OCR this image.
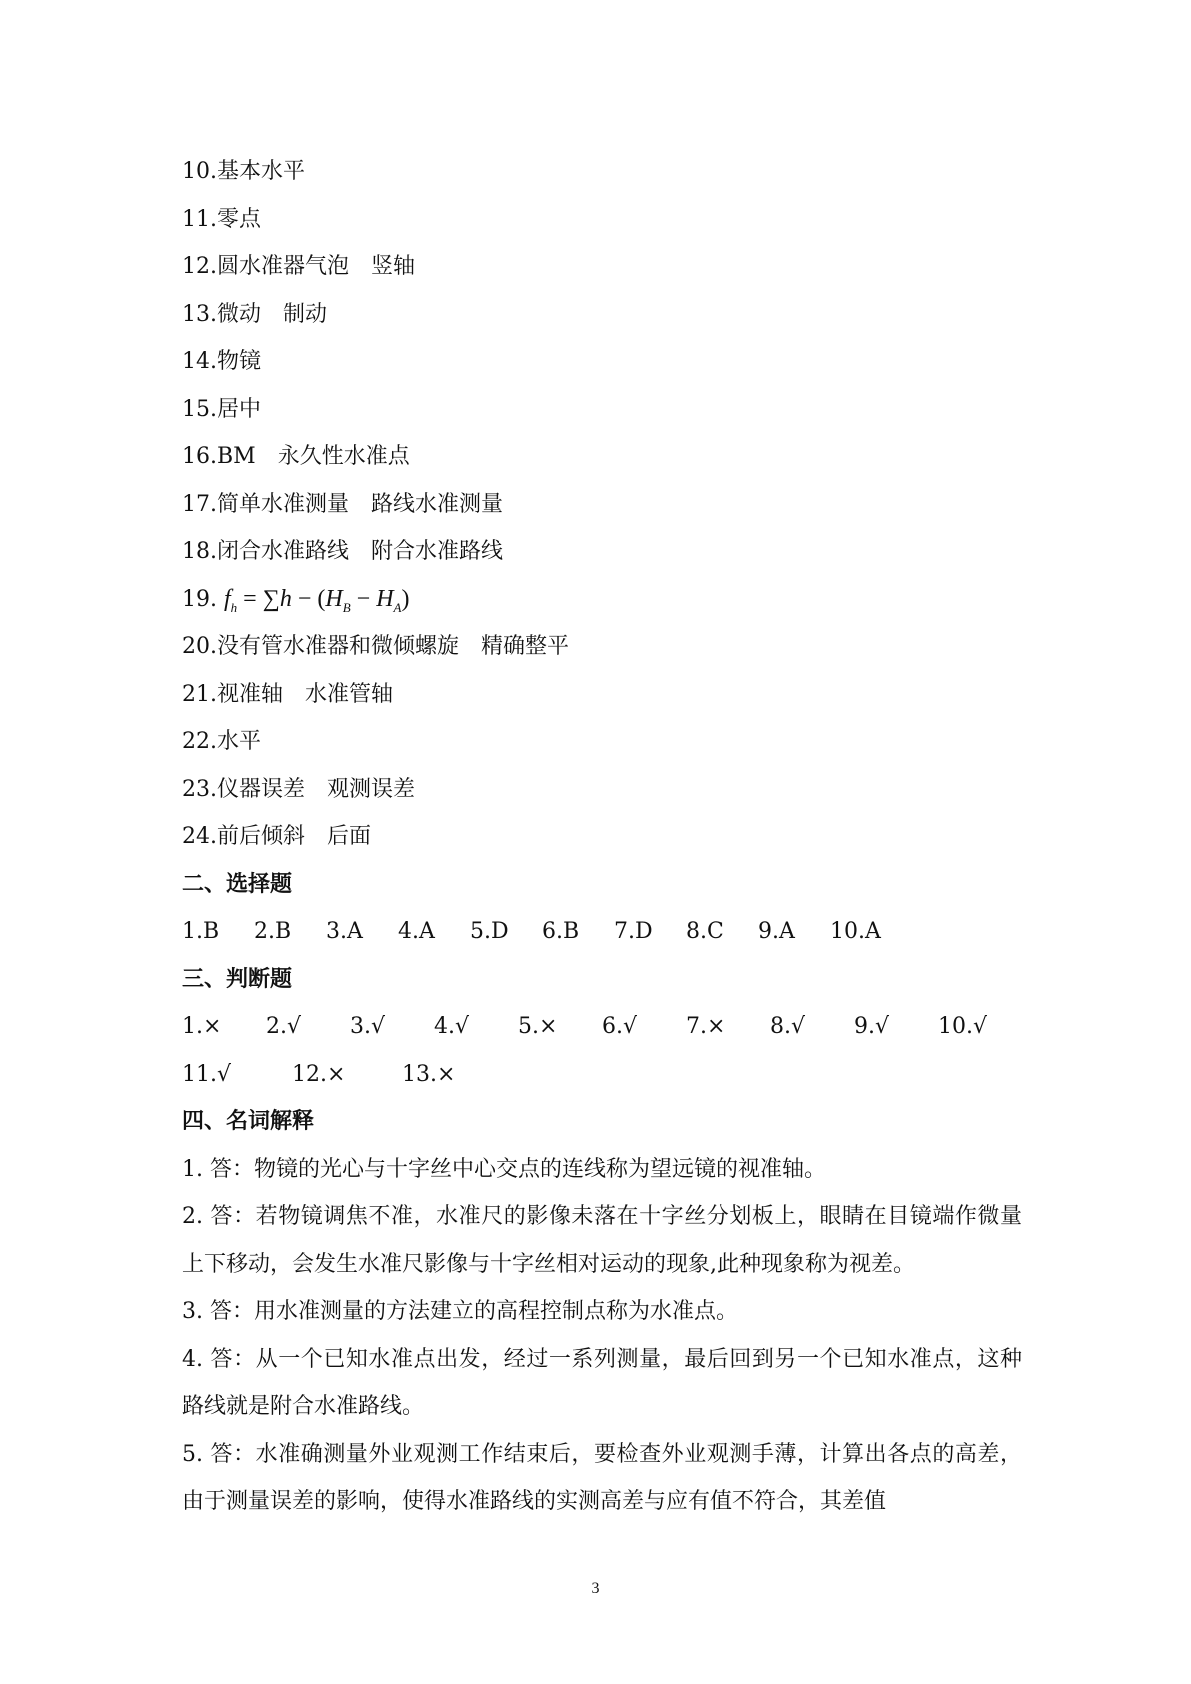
10.基本水平
11.零点
12.圆水准器气泡 竖轴
13.微动 制动
14.物镜
15.居中
16.BM 永久性水准点
17.简单水准测量 路线水准测量
18.闭合水准路线 附合水准路线
19. $f_h = \sum h - (H_B - H_A)$
20.没有管水准器和微倾螺旋 精确整平
21.视准轴 水准管轴
22.水平
23.仪器误差 观测误差
24.前后倾斜 后面
二、选择题
1.B	2.B	3.A	4.A	5.D	6.B	7.D	8.C	9.A	10.A
三、判断题
1.×	2.√	3.√	4.√	5.×	6.√	7.×	8.√	9.√	10.√
11.√	12.×	13.×
四、名词解释
1. 答：物镜的光心与十字丝中心交点的连线称为望远镜的视准轴。
2. 答：若物镜调焦不准，水准尺的影像未落在十字丝分划板上，眼睛在目镜端作微量上下移动，会发生水准尺影像与十字丝相对运动的现象,此种现象称为视差。
3. 答：用水准测量的方法建立的高程控制点称为水准点。
4. 答：从一个已知水准点出发，经过一系列测量，最后回到另一个已知水准点，这种路线就是附合水准路线。
5. 答：水准确测量外业观测工作结束后，要检查外业观测手薄，计算出各点的高差，由于测量误差的影响，使得水准路线的实测高差与应有值不符合，其差值
3
